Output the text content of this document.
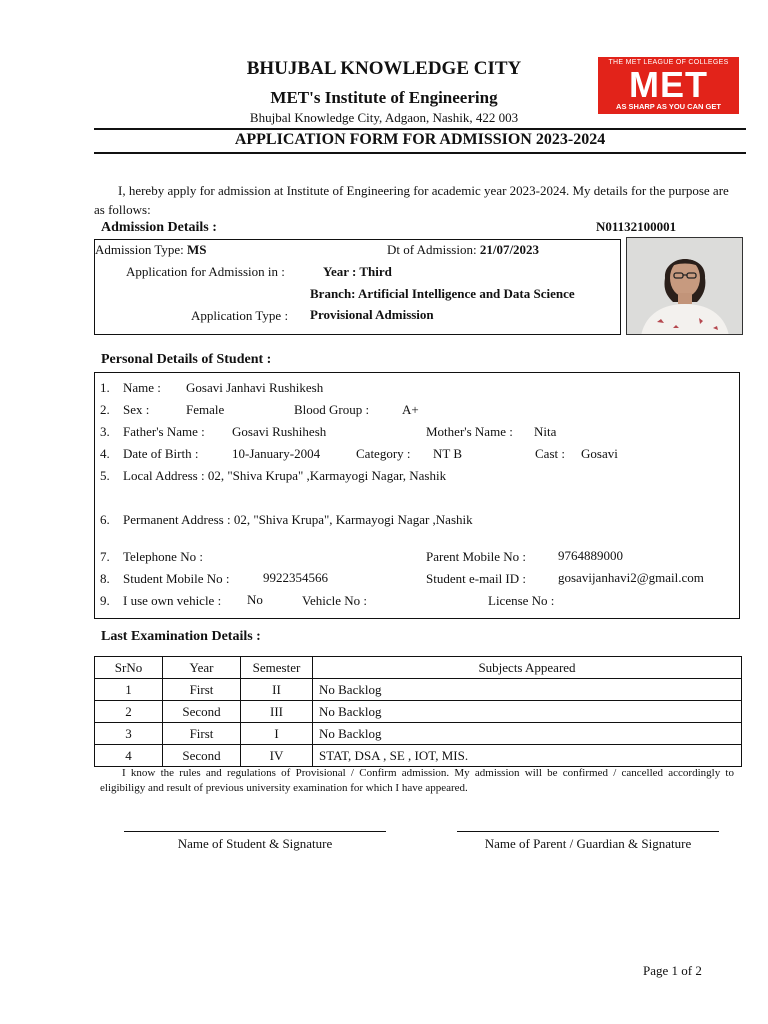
BHUJBAL KNOWLEDGE CITY
MET's Institute of Engineering
Bhujbal Knowledge City, Adgaon, Nashik, 422 003
THE MET LEAGUE OF COLLEGES
MET
AS SHARP AS YOU CAN GET
APPLICATION FORM FOR ADMISSION 2023-2024
I, hereby apply for admission at Institute of Engineering for academic year 2023-2024. My details for the purpose are as follows:
Admission Details :	N01132100001
Admission Type: MS	Dt of Admission: 21/07/2023
Application for Admission in :	Year : Third
Branch: Artificial Intelligence and Data Science
Application Type : Provisional Admission
Personal Details of Student :
1. Name : Gosavi Janhavi Rushikesh
2. Sex :	Female	Blood Group :	A+
3. Father's Name : Gosavi Rushihesh	Mother's Name : Nita
4. Date of Birth :	10-January-2004	Category : NT B	Cast : Gosavi
5. Local Address : 02, "Shiva Krupa" ,Karmayogi Nagar, Nashik
6. Permanent Address : 02, "Shiva Krupa", Karmayogi Nagar ,Nashik
7. Telephone No :	Parent Mobile No : 9764889000
8. Student Mobile No :	9922354566	Student e-mail ID : gosavijanhavi2@gmail.com
9. I use own vehicle : No	Vehicle No :	License No :
Last Examination Details :
SrNo	Year	Semester	Subjects Appeared
1	First	II	No Backlog
2	Second	III	No Backlog
3	First	I	No Backlog
4	Second	IV	STAT, DSA , SE , IOT, MIS.
I know the rules and regulations of Provisional / Confirm admission. My admission will be confirmed / cancelled accordingly to eligibiligy and result of previous university examination for which I have appeared.
Name of Student & Signature	Name of Parent / Guardian & Signature
Page 1 of 2
